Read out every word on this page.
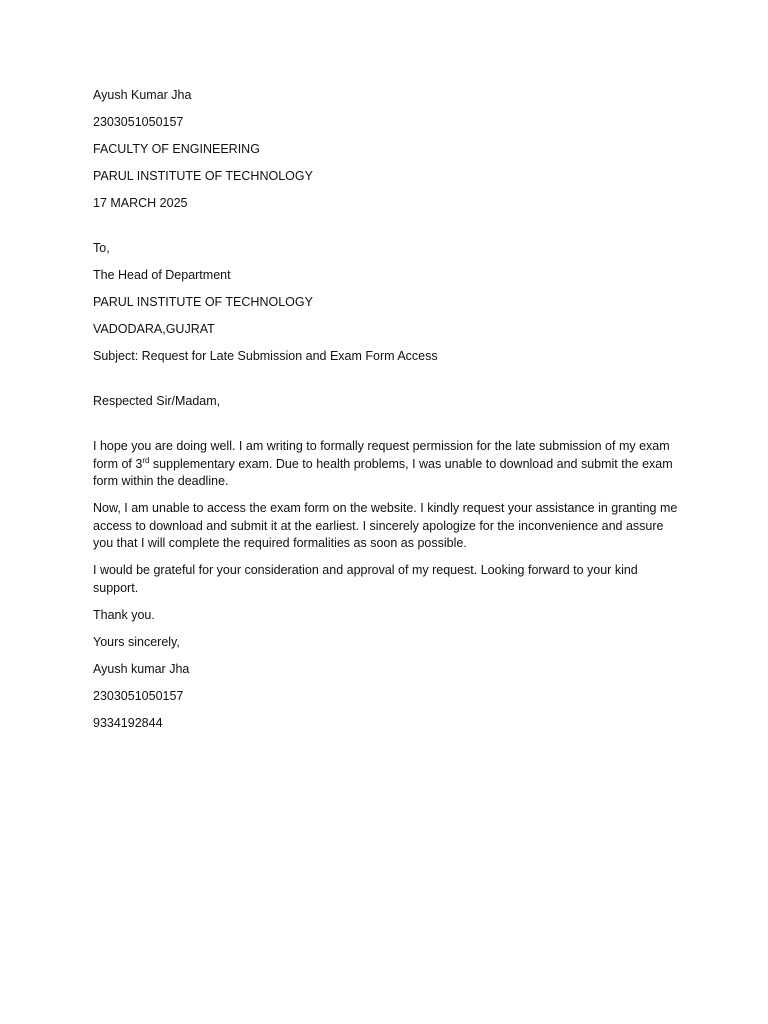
Ayush Kumar Jha
2303051050157
FACULTY OF ENGINEERING
PARUL INSTITUTE OF TECHNOLOGY
17 MARCH 2025
To,
The Head of Department
PARUL INSTITUTE OF TECHNOLOGY
VADODARA,GUJRAT
Subject: Request for Late Submission and Exam Form Access
Respected Sir/Madam,

I hope you are doing well. I am writing to formally request permission for the late submission of my exam form of 3rd supplementary exam. Due to health problems, I was unable to download and submit the exam form within the deadline.

Now, I am unable to access the exam form on the website. I kindly request your assistance in granting me access to download and submit it at the earliest. I sincerely apologize for the inconvenience and assure you that I will complete the required formalities as soon as possible.

I would be grateful for your consideration and approval of my request. Looking forward to your kind support.

Thank you.
Yours sincerely,
Ayush kumar Jha
2303051050157
9334192844
